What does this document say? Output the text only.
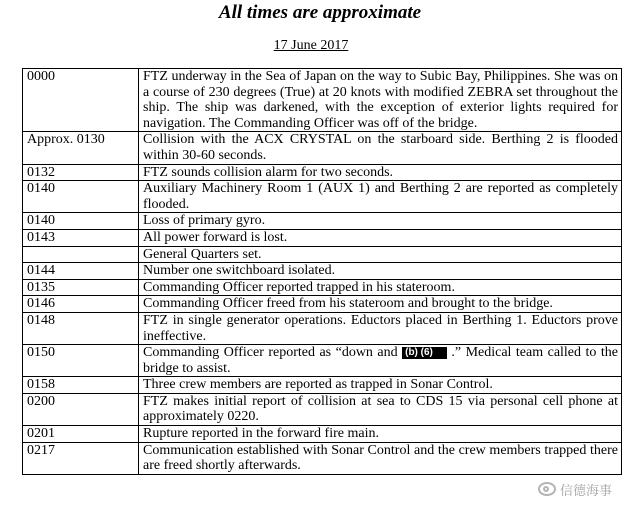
All times are approximate
17 June 2017
0000	FTZ underway in the Sea of Japan on the way to Subic Bay, Philippines. She was on a course of 230 degrees (True) at 20 knots with modified ZEBRA set throughout the ship. The ship was darkened, with the exception of exterior lights required for navigation. The Commanding Officer was off of the bridge.
Approx. 0130	Collision with the ACX CRYSTAL on the starboard side. Berthing 2 is flooded within 30-60 seconds.
0132	FTZ sounds collision alarm for two seconds.
0140	Auxiliary Machinery Room 1 (AUX 1) and Berthing 2 are reported as completely flooded.
0140	Loss of primary gyro.
0143	All power forward is lost.
	General Quarters set.
0144	Number one switchboard isolated.
0135	Commanding Officer reported trapped in his stateroom.
0146	Commanding Officer freed from his stateroom and brought to the bridge.
0148	FTZ in single generator operations. Eductors placed in Berthing 1. Eductors prove ineffective.
0150	Commanding Officer reported as “down and (b) (6) .” Medical team called to the bridge to assist.
0158	Three crew members are reported as trapped in Sonar Control.
0200	FTZ makes initial report of collision at sea to CDS 15 via personal cell phone at approximately 0220.
0201	Rupture reported in the forward fire main.
0217	Communication established with Sonar Control and the crew members trapped there are freed shortly afterwards.
信德海事
